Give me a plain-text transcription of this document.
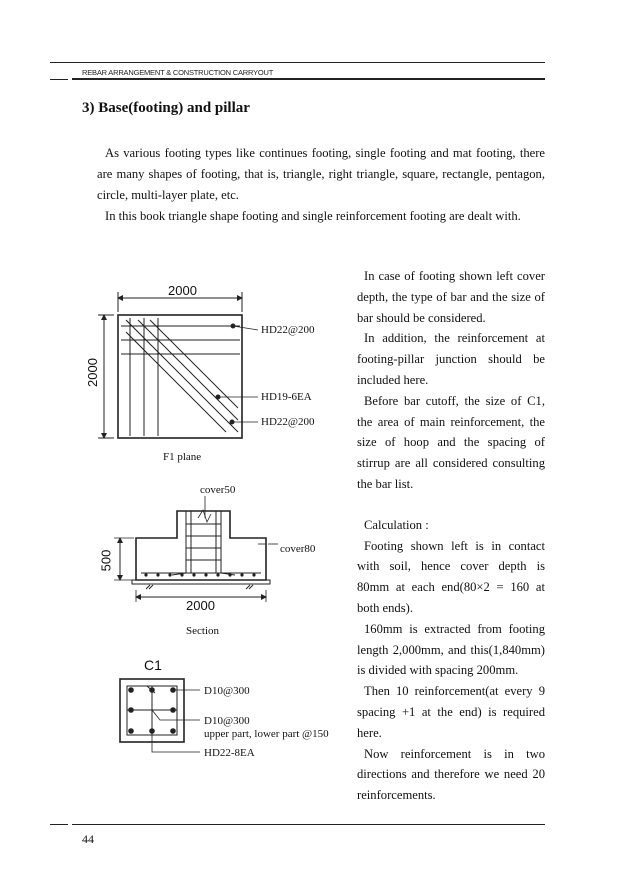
REBAR ARRANGEMENT & CONSTRUCTION CARRYOUT
3) Base(footing) and pillar

As various footing types like continues footing, single footing and mat footing, there are many shapes of footing, that is, triangle, right triangle, square, rectangle, pentagon, circle, multi-layer plate, etc.

In this book triangle shape footing and single reinforcement footing are dealt with.

2000
2000
HD22@200
HD19-6EA
HD22@200
F1 plane
cover50
cover80
500
2000
Section
C1
D10@300
D10@300
upper part, lower part @150
HD22-8EA

In case of footing shown left cover depth, the type of bar and the size of bar should be considered.

In addition, the reinforcement at footing-pillar junction should be included here.

Before bar cutoff, the size of C1, the area of main reinforcement, the size of hoop and the spacing of stirrup are all considered consulting the bar list.

Calculation :

Footing shown left is in contact with soil, hence cover depth is 80mm at each end(80×2 = 160 at both ends).

160mm is extracted from footing length 2,000mm, and this(1,840mm) is divided with spacing 200mm.

Then 10 reinforcement(at every 9 spacing +1 at the end) is required here.

Now reinforcement is in two directions and therefore we need 20 reinforcements.

44
